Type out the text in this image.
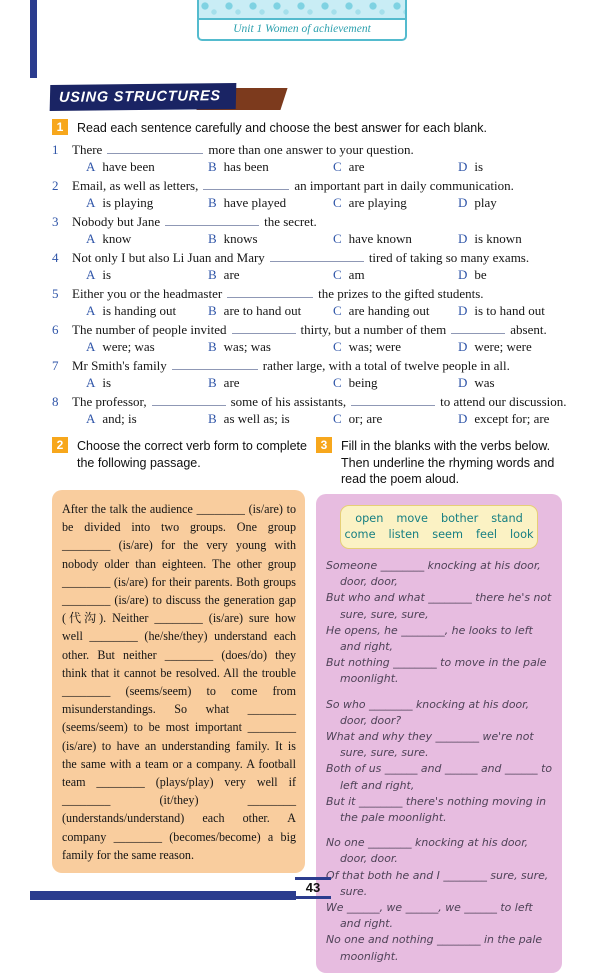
Unit 1 Women of achievement
USING STRUCTURES
1	Read each sentence carefully and choose the best answer for each blank.
1	There	more than one answer to your question.
A have been	B has been	C are	D is
2	Email, as well as letters,	an important part in daily communication.
A is playing	B have played	C are playing	D play
3	Nobody but Jane	the secret.
A know	B knows	C have known	D is known
4	Not only I but also Li Juan and Mary	tired of taking so many exams.
A is	B are	C am	D be
5	Either you or the headmaster	the prizes to the gifted students.
A is handing out	B are to hand out	C are handing out	D is to hand out
6	The number of people invited	thirty, but a number of them	absent.
A were; was	B was; was	C was; were	D were; were
7	Mr Smith's family	rather large, with a total of twelve people in all.
A is	B are	C being	D was
8	The professor,	some of his assistants,	to attend our discussion.
A and; is	B as well as; is	C or; are	D except for; are
2	Choose the correct verb form to complete the following passage.
3	Fill in the blanks with the verbs below. Then underline the rhyming words and read the poem aloud.
After the talk the audience ________ (is/are) to be divided into two groups. One group ________ (is/are) for the very young with nobody older than eighteen. The other group ________ (is/are) for their parents. Both groups ________ (is/are) to discuss the generation gap (代沟). Neither ________ (is/are) sure how well ________ (he/she/they) understand each other. But neither ________ (does/do) they think that it cannot be resolved. All the trouble ________ (seems/seem) to come from misunderstandings. So what ________ (seems/seem) to be most important ________ (is/are) to have an understanding family. It is the same with a team or a company. A football team ________ (plays/play) very well if ________ (it/they) ________ (understands/understand) each other. A company ________ (becomes/become) a big family for the same reason.
open move bother stand
come listen seem feel look
Someone ________ knocking at his door, door, door,
But who and what ________ there he's not sure, sure, sure,
He opens, he ________, he looks to left and right,
But nothing ________ to move in the pale moonlight.
So who ________ knocking at his door, door, door?
What and why they ________ we're not sure, sure, sure.
Both of us ______ and ______ and ______ to left and right,
But it ________ there's nothing moving in the pale moonlight.
No one ________ knocking at his door, door, door.
Of that both he and I ________ sure, sure, sure.
We ______, we ______, we ______ to left and right.
No one and nothing ________ in the pale moonlight.
43
